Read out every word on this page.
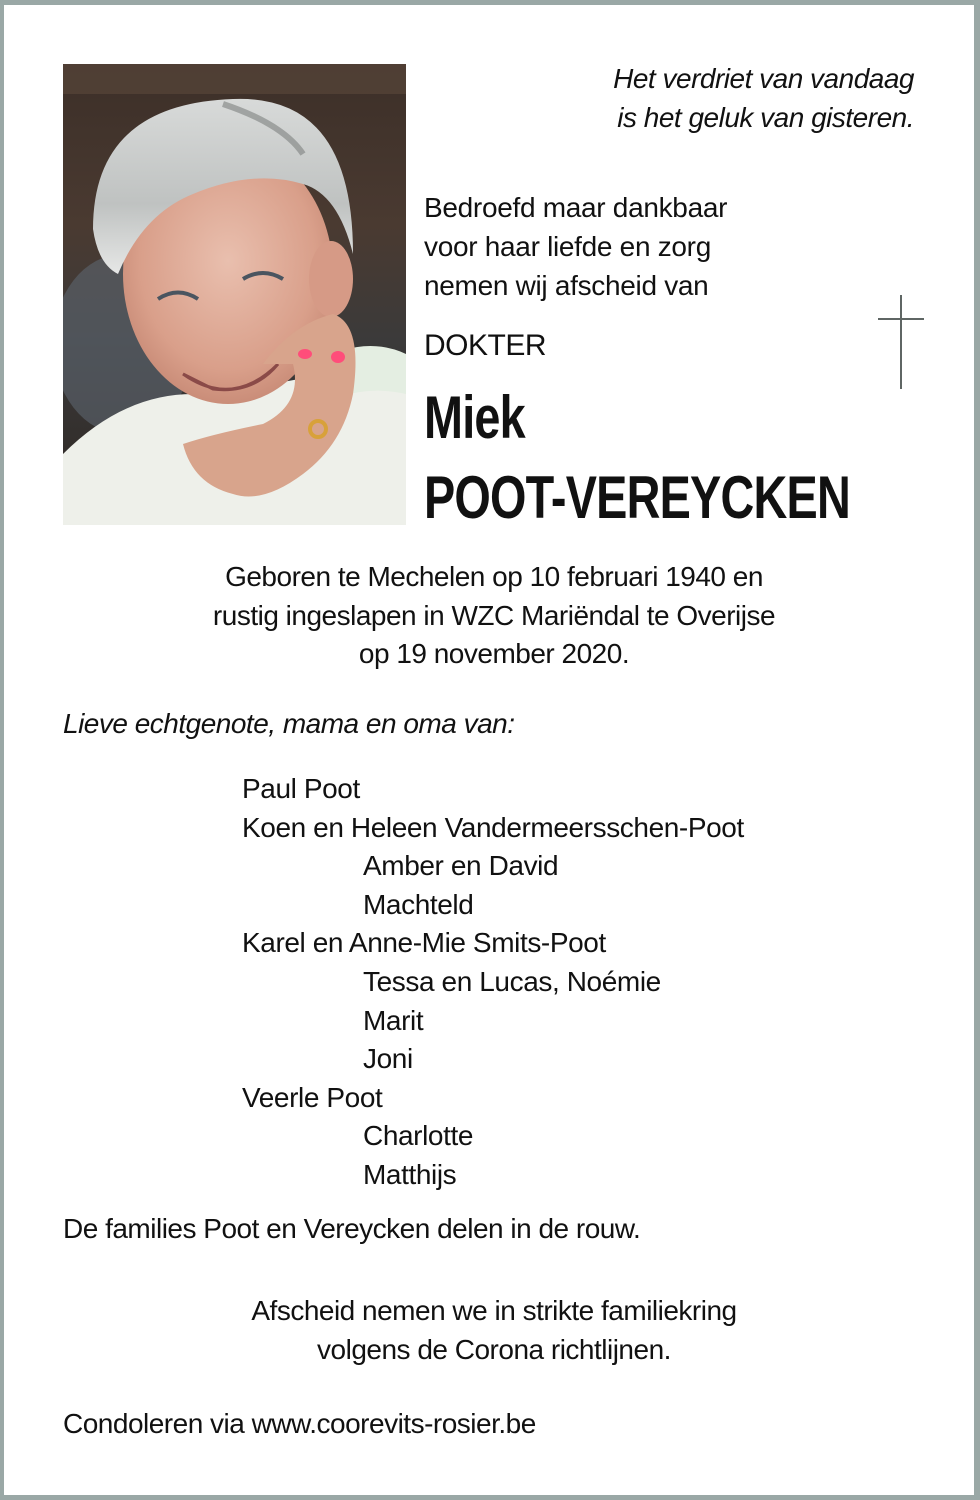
Het verdriet van vandaag
is het geluk van gisteren.
Bedroefd maar dankbaar
voor haar liefde en zorg
nemen wij afscheid van
DOKTER
Miek
POOT-VEREYCKEN
Geboren te Mechelen op 10 februari 1940 en
rustig ingeslapen in WZC Mariëndal te Overijse
op 19 november 2020.
Lieve echtgenote, mama en oma van:
Paul Poot
Koen en Heleen Vandermeersschen-Poot
Amber en David
Machteld
Karel en Anne-Mie Smits-Poot
Tessa en Lucas, Noémie
Marit
Joni
Veerle Poot
Charlotte
Matthijs
De families Poot en Vereycken delen in de rouw.
Afscheid nemen we in strikte familiekring
volgens de Corona richtlijnen.
Condoleren via www.coorevits-rosier.be
